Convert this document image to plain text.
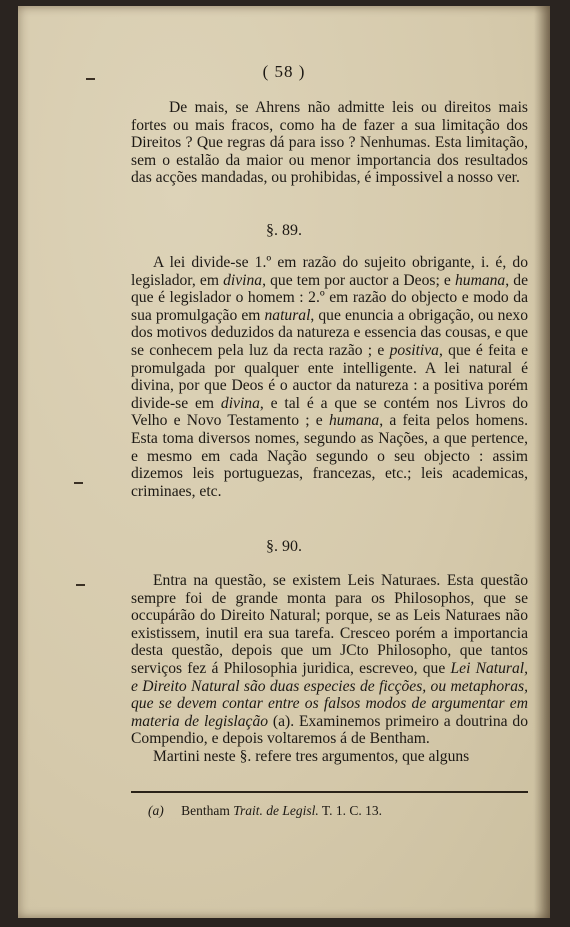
( 58 )

De mais, se Ahrens não admitte leis ou direitos mais fortes ou mais fracos, como ha de fazer a sua limitação dos Direitos ? Que regras dá para isso ? Nenhumas. Esta limitação, sem o estalão da maior ou menor importancia dos resultados das acções mandadas, ou prohibidas, é impossivel a nosso ver.

§. 89.

A lei divide-se 1.º em razão do sujeito obrigante, i. é, do legislador, em divina, que tem por auctor a Deos; e humana, de que é legislador o homem : 2.º em razão do objecto e modo da sua promulgação em natural, que enuncia a obrigação, ou nexo dos motivos deduzidos da natureza e essencia das cousas, e que se conhecem pela luz da recta razão ; e positiva, que é feita e promulgada por qualquer ente intelligente. A lei natural é divina, por que Deos é o auctor da natureza : a positiva porém divide-se em divina, e tal é a que se contém nos Livros do Velho e Novo Testamento ; e humana, a feita pelos homens. Esta toma diversos nomes, segundo as Nações, a que pertence, e mesmo em cada Nação segundo o seu objecto : assim dizemos leis portuguezas, francezas, etc.; leis academicas, criminaes, etc.

§. 90.

Entra na questão, se existem Leis Naturaes. Esta questão sempre foi de grande monta para os Philosophos, que se occupárão do Direito Natural; porque, se as Leis Naturaes não existissem, inutil era sua tarefa. Cresceo porém a importancia desta questão, depois que um JCto Philosopho, que tantos serviços fez á Philosophia juridica, escreveo, que Lei Natural, e Direito Natural são duas especies de ficções, ou metaphoras, que se devem contar entre os falsos modos de argumentar em materia de legislação (a). Examinemos primeiro a doutrina do Compendio, e depois voltaremos á de Bentham.

Martini neste §. refere tres argumentos, que alguns

(a) Bentham Trait. de Legisl. T. 1. C. 13.
